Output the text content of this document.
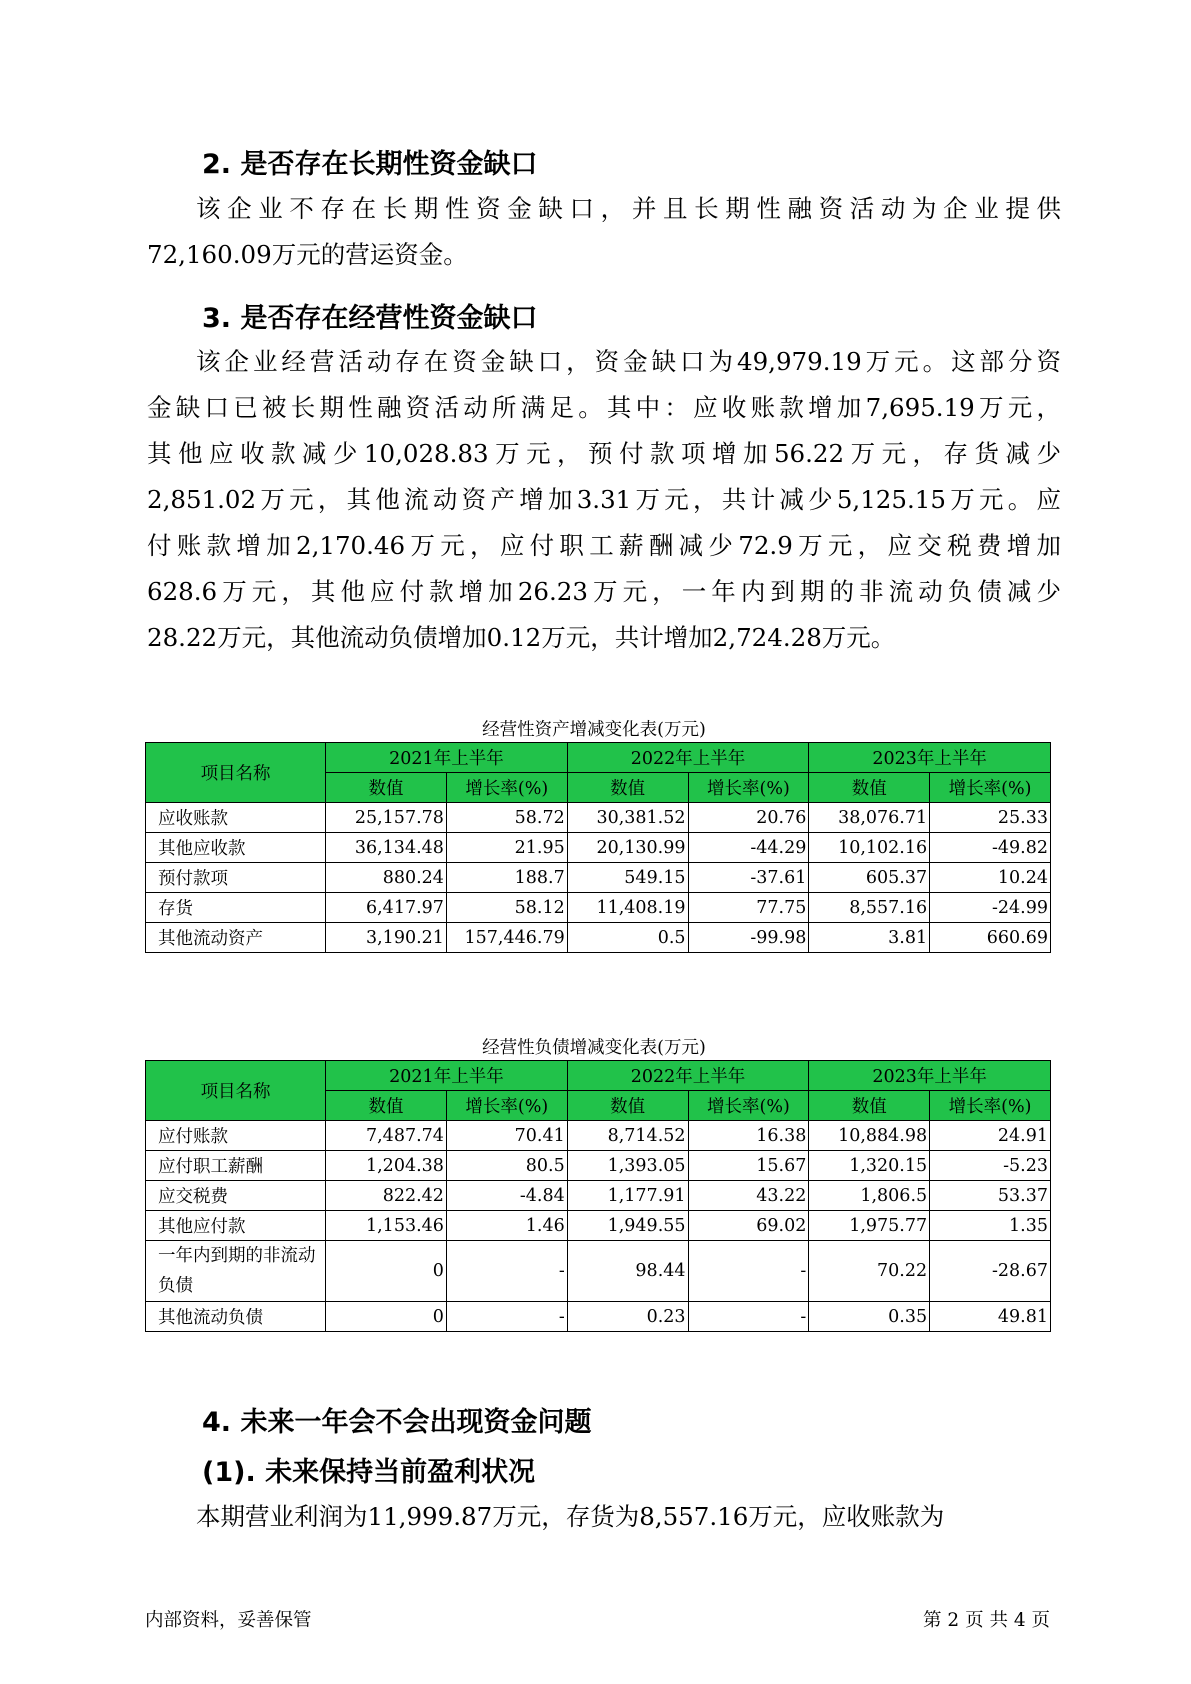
2. 是否存在长期性资金缺口
该企业不存在长期性资金缺口，并且长期性融资活动为企业提供
72,160.09万元的营运资金。
3. 是否存在经营性资金缺口
该企业经营活动存在资金缺口，资金缺口为49,979.19万元。这部分资
金缺口已被长期性融资活动所满足。其中：应收账款增加7,695.19万元，
其他应收款减少10,028.83万元，预付款项增加56.22万元，存货减少
2,851.02万元，其他流动资产增加3.31万元，共计减少5,125.15万元。应
付账款增加2,170.46万元，应付职工薪酬减少72.9万元，应交税费增加
628.6万元，其他应付款增加26.23万元，一年内到期的非流动负债减少
28.22万元，其他流动负债增加0.12万元，共计增加2,724.28万元。
经营性资产增减变化表(万元)
项目名称	2021年上半年		2022年上半年		2023年上半年	
	数值	增长率(%)	数值	增长率(%)	数值	增长率(%)
应收账款	25,157.78	58.72	30,381.52	20.76	38,076.71	25.33
其他应收款	36,134.48	21.95	20,130.99	-44.29	10,102.16	-49.82
预付款项	880.24	188.7	549.15	-37.61	605.37	10.24
存货	6,417.97	58.12	11,408.19	77.75	8,557.16	-24.99
其他流动资产	3,190.21	157,446.79	0.5	-99.98	3.81	660.69
经营性负债增减变化表(万元)
项目名称	2021年上半年		2022年上半年		2023年上半年	
	数值	增长率(%)	数值	增长率(%)	数值	增长率(%)
应付账款	7,487.74	70.41	8,714.52	16.38	10,884.98	24.91
应付职工薪酬	1,204.38	80.5	1,393.05	15.67	1,320.15	-5.23
应交税费	822.42	-4.84	1,177.91	43.22	1,806.5	53.37
其他应付款	1,153.46	1.46	1,949.55	69.02	1,975.77	1.35
一年内到期的非流动负债	0	-	98.44	-	70.22	-28.67
其他流动负债	0	-	0.23	-	0.35	49.81
4. 未来一年会不会出现资金问题
(1). 未来保持当前盈利状况
本期营业利润为11,999.87万元，存货为8,557.16万元，应收账款为
内部资料，妥善保管	第 2 页 共 4 页
